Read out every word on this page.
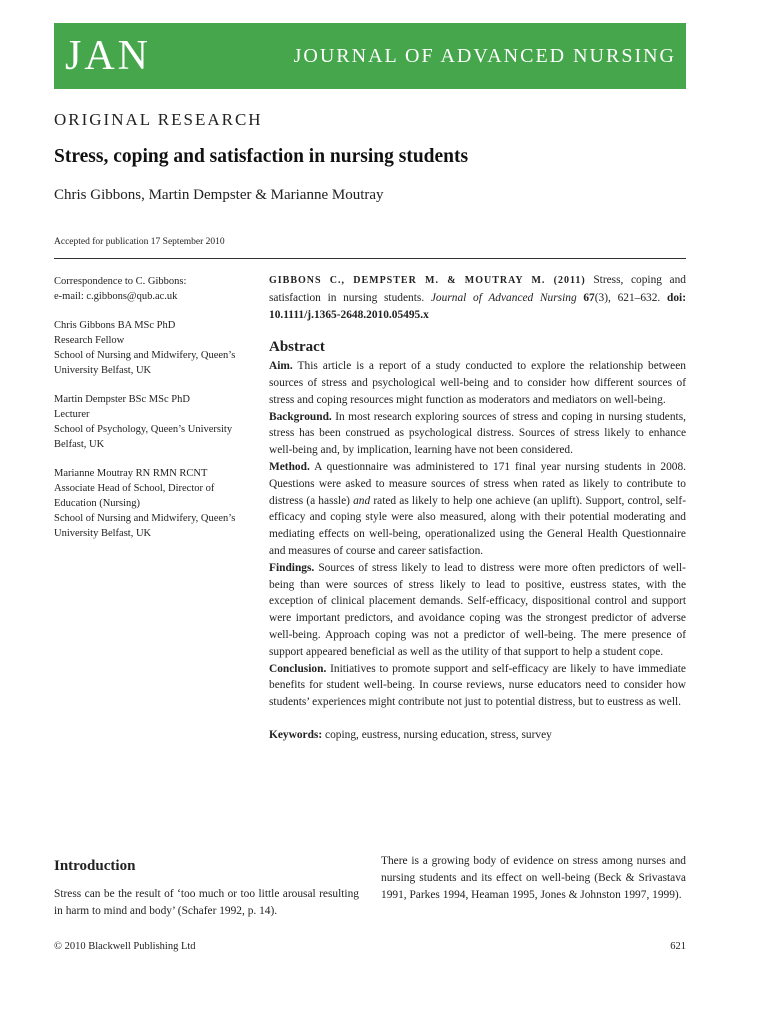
JAN	JOURNAL OF ADVANCED NURSING
ORIGINAL RESEARCH
Stress, coping and satisfaction in nursing students
Chris Gibbons, Martin Dempster & Marianne Moutray
Accepted for publication 17 September 2010
Correspondence to C. Gibbons:
e-mail: c.gibbons@qub.ac.uk
Chris Gibbons BA MSc PhD
Research Fellow
School of Nursing and Midwifery, Queen’s
University Belfast, UK
Martin Dempster BSc MSc PhD
Lecturer
School of Psychology, Queen’s University
Belfast, UK
Marianne Moutray RN RMN RCNT
Associate Head of School, Director of
Education (Nursing)
School of Nursing and Midwifery, Queen’s
University Belfast, UK
GIBBONS C., DEMPSTER M. & MOUTRAY M. (2011) Stress, coping and satisfaction in nursing students. Journal of Advanced Nursing 67(3), 621–632. doi: 10.1111/j.1365-2648.2010.05495.x
Abstract
Aim. This article is a report of a study conducted to explore the relationship between sources of stress and psychological well-being and to consider how different sources of stress and coping resources might function as moderators and mediators on well-being.
Background. In most research exploring sources of stress and coping in nursing students, stress has been construed as psychological distress. Sources of stress likely to enhance well-being and, by implication, learning have not been considered.
Method. A questionnaire was administered to 171 final year nursing students in 2008. Questions were asked to measure sources of stress when rated as likely to contribute to distress (a hassle) and rated as likely to help one achieve (an uplift). Support, control, self-efficacy and coping style were also measured, along with their potential moderating and mediating effects on well-being, operationalized using the General Health Questionnaire and measures of course and career satisfaction.
Findings. Sources of stress likely to lead to distress were more often predictors of well-being than were sources of stress likely to lead to positive, eustress states, with the exception of clinical placement demands. Self-efficacy, dispositional control and support were important predictors, and avoidance coping was the strongest predictor of adverse well-being. Approach coping was not a predictor of well-being. The mere presence of support appeared beneficial as well as the utility of that support to help a student cope.
Conclusion. Initiatives to promote support and self-efficacy are likely to have immediate benefits for student well-being. In course reviews, nurse educators need to consider how students’ experiences might contribute not just to potential distress, but to eustress as well.
Keywords: coping, eustress, nursing education, stress, survey
Introduction
Stress can be the result of ‘too much or too little arousal resulting in harm to mind and body’ (Schafer 1992, p. 14).
There is a growing body of evidence on stress among nurses and nursing students and its effect on well-being (Beck & Srivastava 1991, Parkes 1994, Heaman 1995, Jones & Johnston 1997, 1999).
© 2010 Blackwell Publishing Ltd	621
